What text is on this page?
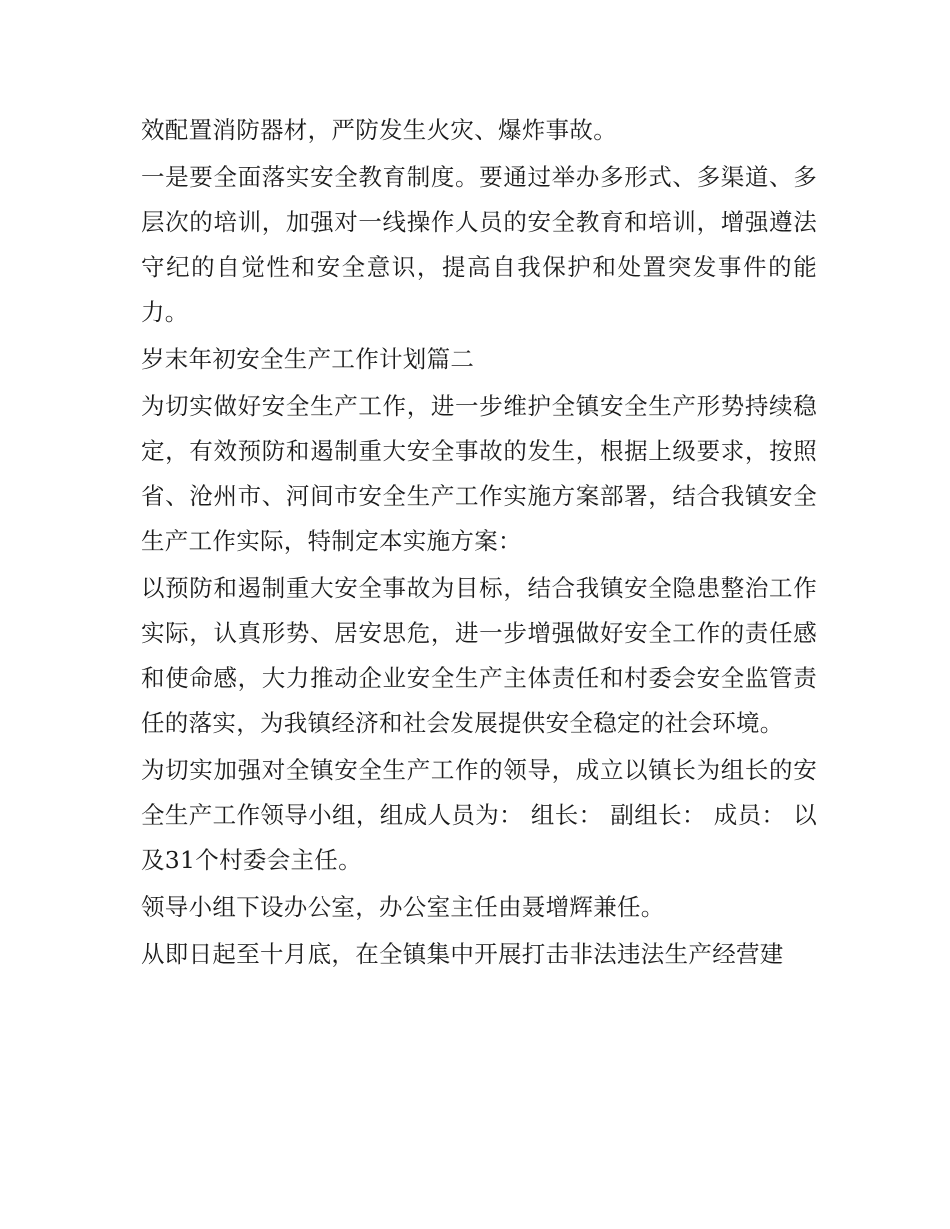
效配置消防器材，严防发生火灾、爆炸事故。

一是要全面落实安全教育制度。要通过举办多形式、多渠道、多层次的培训，加强对一线操作人员的安全教育和培训，增强遵法守纪的自觉性和安全意识，提高自我保护和处置突发事件的能力。

岁末年初安全生产工作计划篇二

为切实做好安全生产工作，进一步维护全镇安全生产形势持续稳定，有效预防和遏制重大安全事故的发生，根据上级要求，按照省、沧州市、河间市安全生产工作实施方案部署，结合我镇安全生产工作实际，特制定本实施方案：

以预防和遏制重大安全事故为目标，结合我镇安全隐患整治工作实际，认真形势、居安思危，进一步增强做好安全工作的责任感和使命感，大力推动企业安全生产主体责任和村委会安全监管责任的落实，为我镇经济和社会发展提供安全稳定的社会环境。

为切实加强对全镇安全生产工作的领导，成立以镇长为组长的安全生产工作领导小组，组成人员为： 组长： 副组长： 成员： 以及31个村委会主任。

领导小组下设办公室，办公室主任由聂增辉兼任。

从即日起至十月底，在全镇集中开展打击非法违法生产经营建
